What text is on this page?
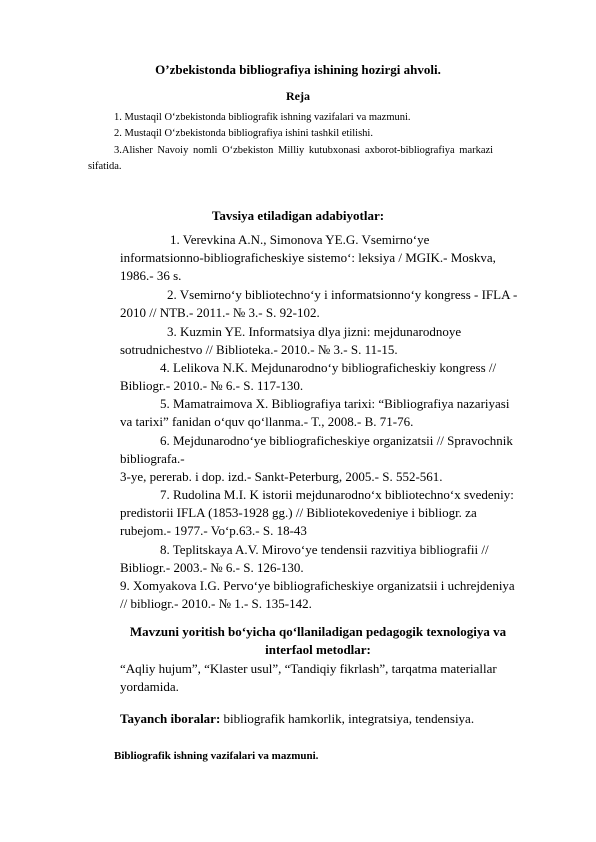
O’zbekistonda bibliografiya ishining hozirgi ahvoli.
Reja
1. Mustaqil O‘zbekistonda bibliografik ishning vazifalari va mazmuni.
2. Mustaqil O‘zbekistonda bibliografiya ishini tashkil etilishi.
3.Alisher Navoiy nomli O‘zbekiston Milliy kutubxonasi axborot-bibliografiya markazi
sifatida.
Tavsiya etiladigan adabiyotlar:
1. Verevkina A.N., Simonova YE.G. Vsemirno‘ye
informatsionno-bibliograficheskiye sistemo‘: leksiya / MGIK.- Moskva,
1986.- 36 s.
2. Vsemirno‘y bibliotechno‘y i informatsionno‘y kongress - IFLA -
2010 // NTB.- 2011.- № 3.- S. 92-102.
3. Kuzmin YE. Informatsiya dlya jizni: mejdunarodnoye
sotrudnichestvo // Biblioteka.- 2010.- № 3.- S. 11-15.
4. Lelikova N.K. Mejdunarodno‘y bibliograficheskiy kongress //
Bibliogr.- 2010.- № 6.- S. 117-130.
5. Mamatraimova X. Bibliografiya tarixi: “Bibliografiya nazariyasi
va tarixi” fanidan o‘quv qo‘llanma.- T., 2008.- B. 71-76.
6. Mejdunarodno‘ye bibliograficheskiye organizatsii // Spravochnik
bibliografa.-
3-ye, pererab. i dop. izd.- Sankt-Peterburg, 2005.- S. 552-561.
7. Rudolina M.I. K istorii mejdunarodno‘x bibliotechno‘x svedeniy:
predistorii IFLA (1853-1928 gg.) // Bibliotekovedeniye i bibliogr. za
rubejom.- 1977.- Vo‘p.63.- S. 18-43
8. Teplitskaya A.V. Mirovo‘ye tendensii razvitiya bibliografii //
Bibliogr.- 2003.- № 6.- S. 126-130.
9. Xomyakova I.G. Pervo‘ye bibliograficheskiye organizatsii i uchrejdeniya
// bibliogr.- 2010.- № 1.- S. 135-142.
Mavzuni yoritish bo‘yicha qo‘llaniladigan pedagogik texnologiya va
interfaol metodlar:
“Aqliy hujum”, “Klaster usul”, “Tandiqiy fikrlash”, tarqatma materiallar
yordamida.
Tayanch iboralar: bibliografik hamkorlik, integratsiya, tendensiya.
Bibliografik ishning vazifalari va mazmuni.
